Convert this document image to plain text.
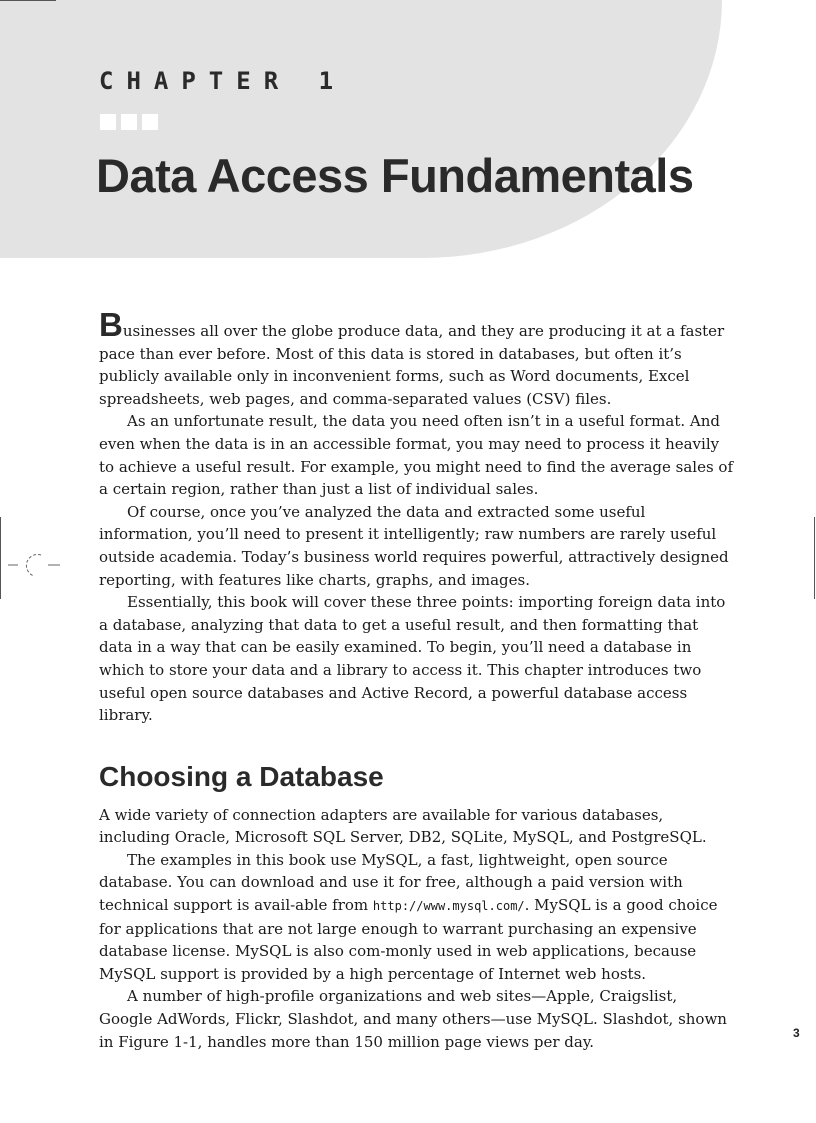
CHAPTER 1
Data Access Fundamentals

Businesses all over the globe produce data, and they are producing it at a faster pace than ever before. Most of this data is stored in databases, but often it’s publicly available only in inconvenient forms, such as Word documents, Excel spreadsheets, web pages, and comma-separated values (CSV) files.

As an unfortunate result, the data you need often isn’t in a useful format. And even when the data is in an accessible format, you may need to process it heavily to achieve a useful result. For example, you might need to find the average sales of a certain region, rather than just a list of individual sales.

Of course, once you’ve analyzed the data and extracted some useful information, you’ll need to present it intelligently; raw numbers are rarely useful outside academia. Today’s business world requires powerful, attractively designed reporting, with features like charts, graphs, and images.

Essentially, this book will cover these three points: importing foreign data into a database, analyzing that data to get a useful result, and then formatting that data in a way that can be easily examined. To begin, you’ll need a database in which to store your data and a library to access it. This chapter introduces two useful open source databases and Active Record, a powerful database access library.

Choosing a Database

A wide variety of connection adapters are available for various databases, including Oracle, Microsoft SQL Server, DB2, SQLite, MySQL, and PostgreSQL.

The examples in this book use MySQL, a fast, lightweight, open source database. You can download and use it for free, although a paid version with technical support is avail-able from http://www.mysql.com/. MySQL is a good choice for applications that are not large enough to warrant purchasing an expensive database license. MySQL is also com-monly used in web applications, because MySQL support is provided by a high percentage of Internet web hosts.

A number of high-profile organizations and web sites—Apple, Craigslist, Google AdWords, Flickr, Slashdot, and many others—use MySQL. Slashdot, shown in Figure 1-1, handles more than 150 million page views per day.	3
